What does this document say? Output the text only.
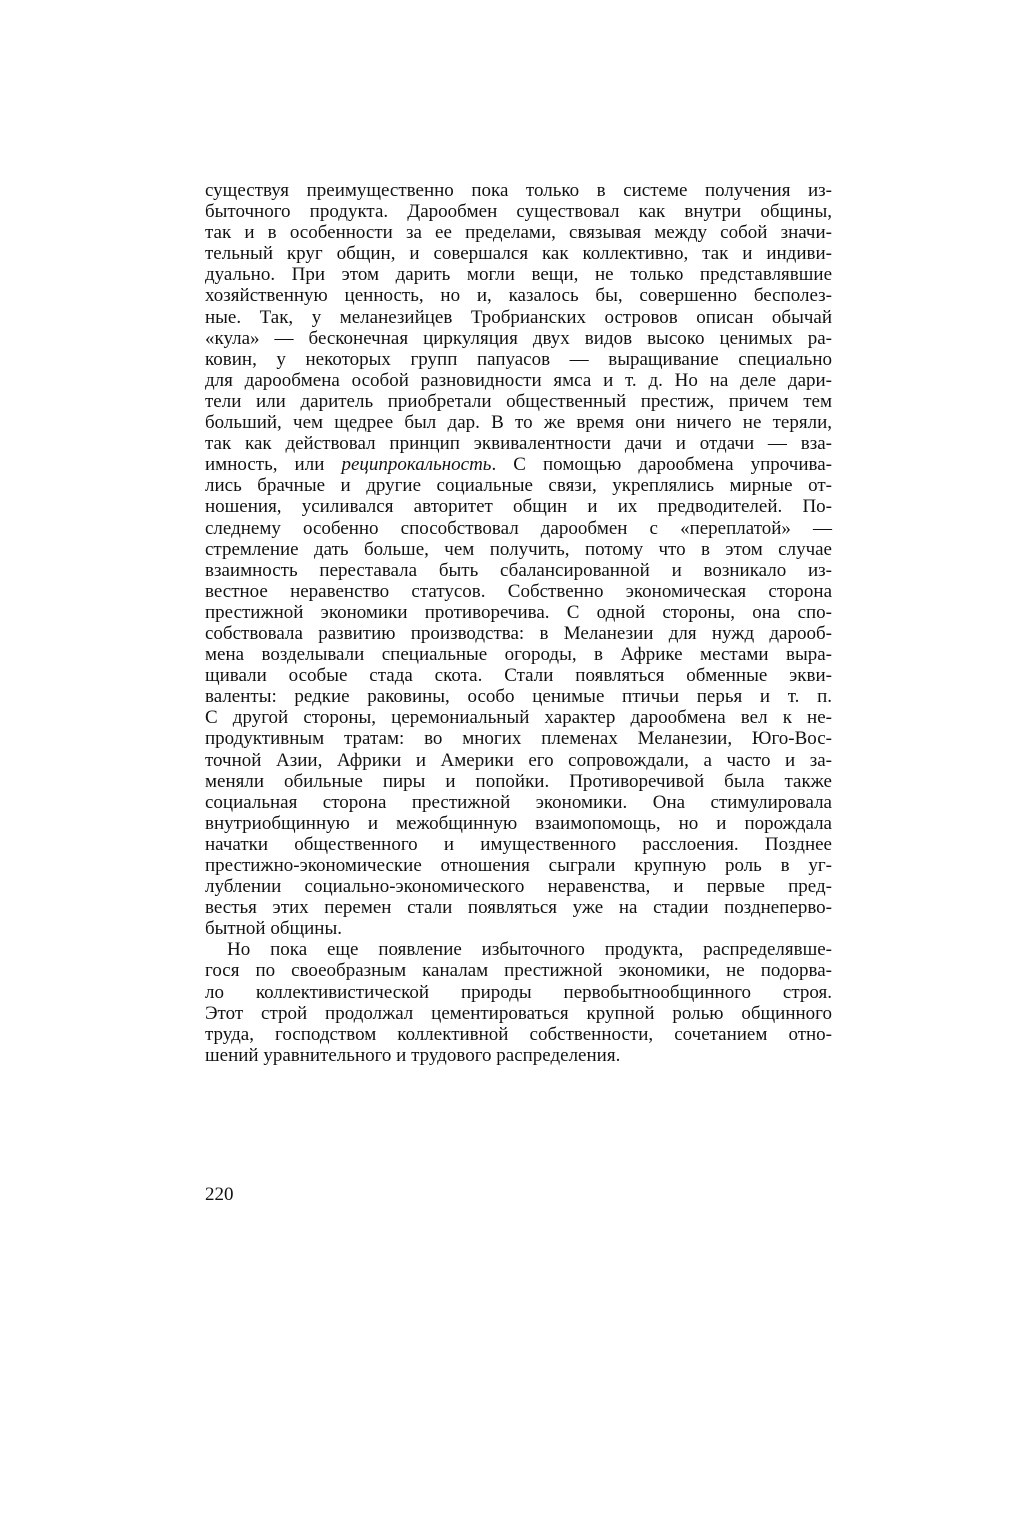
существуя преимущественно пока только в системе получения из-
быточного продукта. Дарообмен существовал как внутри общины,
так и в особенности за ее пределами, связывая между собой значи-
тельный круг общин, и совершался как коллективно, так и индиви-
дуально. При этом дарить могли вещи, не только представлявшие
хозяйственную ценность, но и, казалось бы, совершенно бесполез-
ные. Так, у меланезийцев Тробрианских островов описан обычай
«кула» — бесконечная циркуляция двух видов высоко ценимых ра-
ковин, у некоторых групп папуасов — выращивание специально
для дарообмена особой разновидности ямса и т. д. Но на деле дари-
тели или даритель приобретали общественный престиж, причем тем
больший, чем щедрее был дар. В то же время они ничего не теряли,
так как действовал принцип эквивалентности дачи и отдачи — вза-
имность, или реципрокальность. С помощью дарообмена упрочива-
лись брачные и другие социальные связи, укреплялись мирные от-
ношения, усиливался авторитет общин и их предводителей. По-
следнему особенно способствовал дарообмен с «переплатой» —
стремление дать больше, чем получить, потому что в этом случае
взаимность переставала быть сбалансированной и возникало из-
вестное неравенство статусов. Собственно экономическая сторона
престижной экономики противоречива. С одной стороны, она спо-
собствовала развитию производства: в Меланезии для нужд дарооб-
мена возделывали специальные огороды, в Африке местами выра-
щивали особые стада скота. Стали появляться обменные экви-
валенты: редкие раковины, особо ценимые птичьи перья и т. п.
С другой стороны, церемониальный характер дарообмена вел к не-
продуктивным тратам: во многих племенах Меланезии, Юго-Вос-
точной Азии, Африки и Америки его сопровождали, а часто и за-
меняли обильные пиры и попойки. Противоречивой была также
социальная сторона престижной экономики. Она стимулировала
внутриобщинную и межобщинную взаимопомощь, но и порождала
начатки общественного и имущественного расслоения. Позднее
престижно-экономические отношения сыграли крупную роль в уг-
лублении социально-экономического неравенства, и первые пред-
вестья этих перемен стали появляться уже на стадии позднеперво-
бытной общины.
Но пока еще появление избыточного продукта, распределявше-
гося по своеобразным каналам престижной экономики, не подорва-
ло коллективистической природы первобытнообщинного строя.
Этот строй продолжал цементироваться крупной ролью общинного
труда, господством коллективной собственности, сочетанием отно-
шений уравнительного и трудового распределения.
220
